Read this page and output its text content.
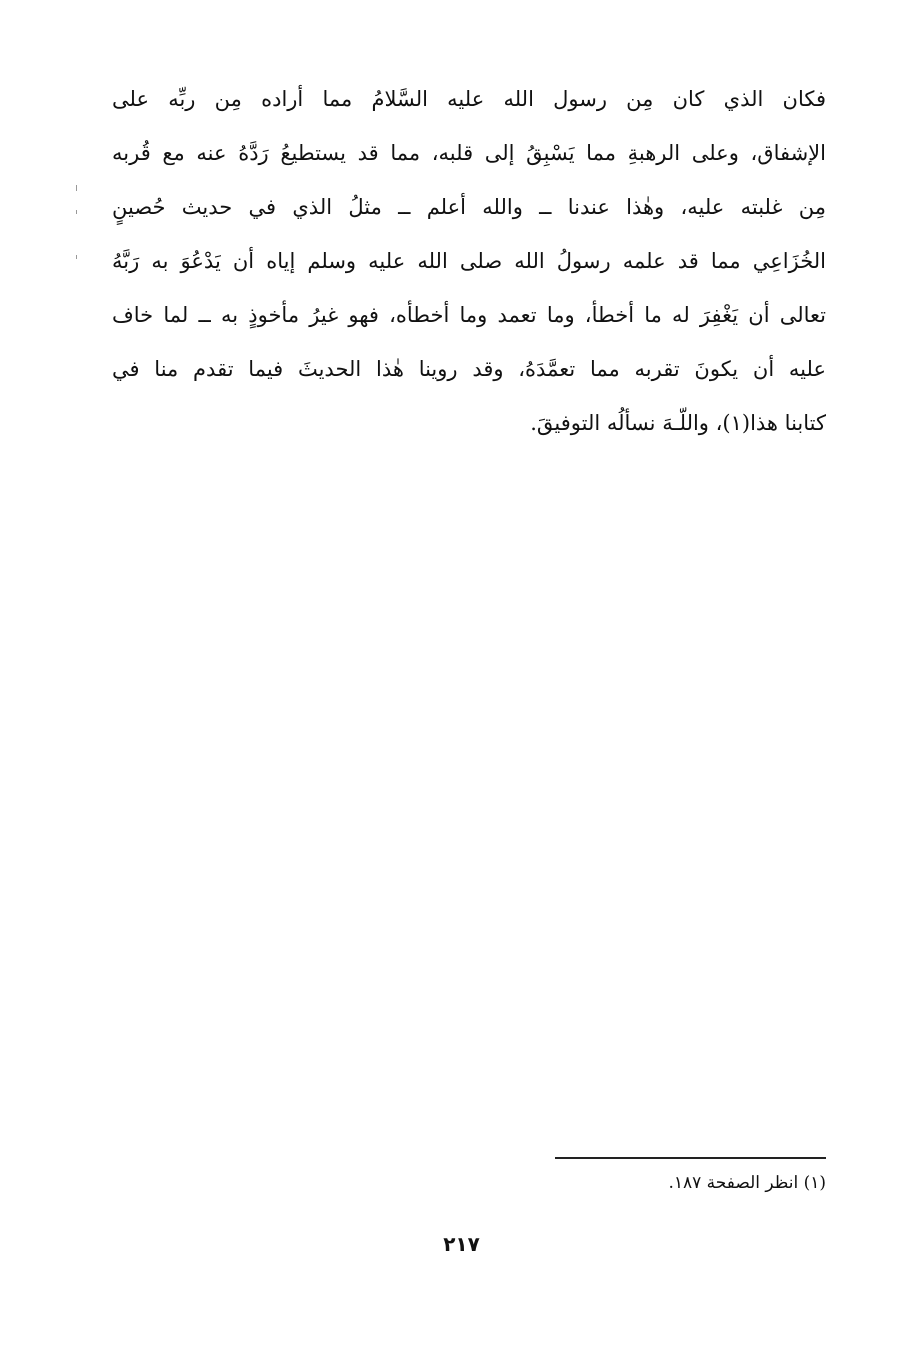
فكان الذي كان مِن رسول الله عليه السَّلامُ مما أراده مِن ربِّه على
الإشفاق، وعلى الرهبةِ مما يَسْبِقُ إلى قلبه، مما قد يستطيعُ رَدَّهُ عنه مع قُربه
مِن غلبته عليه، وهٰذا عندنا ــ والله أعلم ــ مثلُ الذي في حديث حُصينٍ
الخُزَاعِي مما قد علمه رسولُ الله صلى الله عليه وسلم إياه أن يَدْعُوَ به رَبَّهُ
تعالى أن يَغْفِرَ له ما أخطأ، وما تعمد وما أخطأه، فهو غيرُ مأخوذٍ به ــ لما خاف
عليه أن يكونَ تقربه مما تعمَّدَهُ، وقد روينا هٰذا الحديثَ فيما تقدم منا في
كتابنا هذا(١)، واللّـهَ نسألُه التوفيقَ.
(١) انظر الصفحة ١٨٧.
٢١٧
